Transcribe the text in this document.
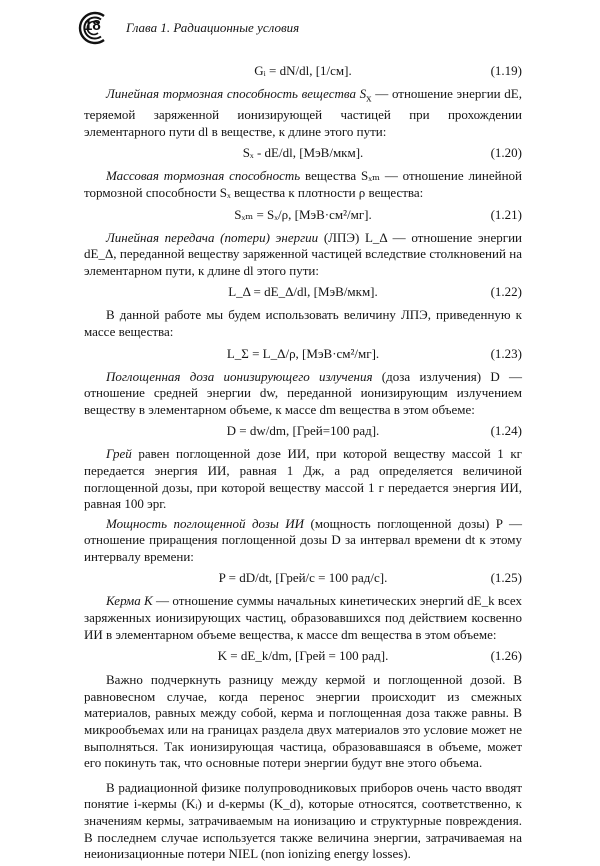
18 Глава 1. Радиационные условия
Gᵢ = dN/dl, [1/см].	(1.19)

Линейная тормозная способность вещества $S_x$ — отношение энергии dE, теряемой заряженной ионизирующей частицей при прохождении элементарного пути dl в веществе, к длине этого пути:

Sₓ - dE/dl, [МэВ/мкм].	(1.20)

Массовая тормозная способность вещества Sₓₘ — отношение линейной тормозной способности Sₓ вещества к плотности ρ вещества:

Sₓₘ = Sₓ/ρ, [МэВ·см²/мг].	(1.21)

Линейная передача (потери) энергии (ЛПЭ) L_Δ — отношение энергии dE_Δ, переданной веществу заряженной частицей вследствие столкновений на элементарном пути, к длине dl этого пути:

L_Δ = dE_Δ/dl, [МэВ/мкм].	(1.22)

В данной работе мы будем использовать величину ЛПЭ, приведенную к массе вещества:

L_Σ = L_Δ/ρ, [МэВ·см²/мг].	(1.23)

Поглощенная доза ионизирующего излучения (доза излучения) D — отношение средней энергии dw, переданной ионизирующим излучением веществу в элементарном объеме, к массе dm вещества в этом объеме:

D = dw/dm, [Грей=100 рад].	(1.24)

Грей равен поглощенной дозе ИИ, при которой веществу массой 1 кг передается энергия ИИ, равная 1 Дж, а рад определяется величиной поглощенной дозы, при которой веществу массой 1 г передается энергия ИИ, равная 100 эрг.

Мощность поглощенной дозы ИИ (мощность поглощенной дозы) P — отношение приращения поглощенной дозы D за интервал времени dt к этому интервалу времени:

P = dD/dt, [Грей/с = 100 рад/с].	(1.25)

Керма K — отношение суммы начальных кинетических энергий dE_k всех заряженных ионизирующих частиц, образовавшихся под действием косвенно ИИ в элементарном объеме вещества, к массе dm вещества в этом объеме:

K = dE_k/dm, [Грей = 100 рад].	(1.26)

Важно подчеркнуть разницу между кермой и поглощенной дозой. В равновесном случае, когда перенос энергии происходит из смежных материалов, равных между собой, керма и поглощенная доза также равны. В микрообъемах или на границах раздела двух материалов это условие может не выполняться. Так ионизирующая частица, образовавшаяся в объеме, может его покинуть так, что основные потери энергии будут вне этого объема.

В радиационной физике полупроводниковых приборов очень часто вводят понятие i-кермы (Kᵢ) и d-кермы (K_d), которые относятся, соответственно, к значениям кермы, затрачиваемым на ионизацию и структурные повреждения. В последнем случае используется также величина энергии, затрачиваемая на неионизационные потери NIEL (non ionizing energy losses).
